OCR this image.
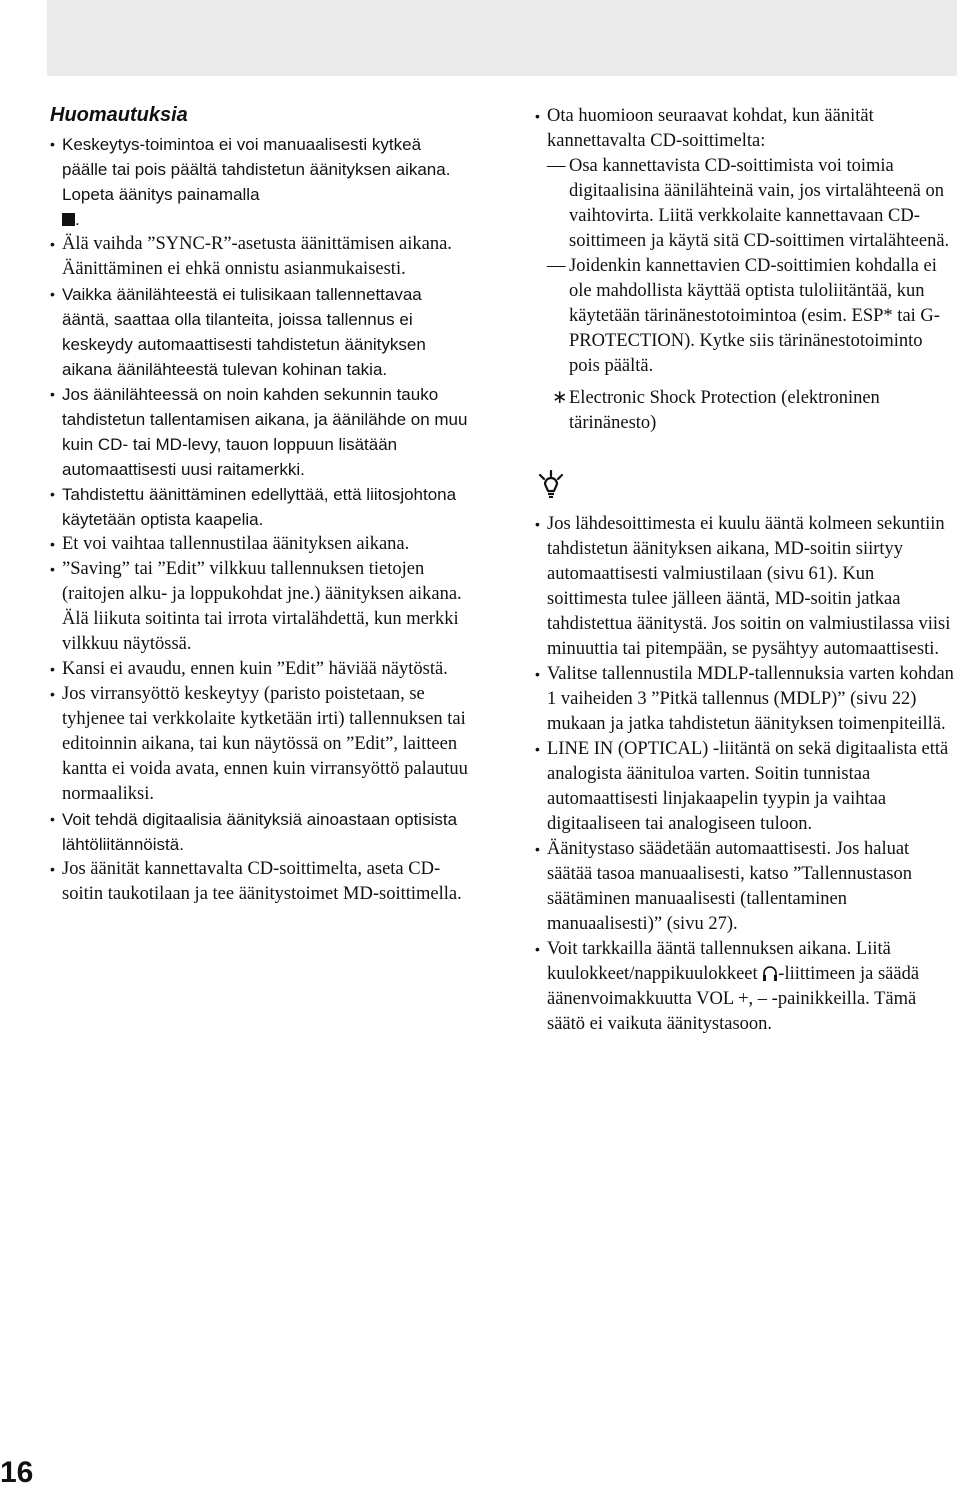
Huomautuksia
• Keskeytys-toimintoa ei voi manuaalisesti kytkeä päälle tai pois päältä tahdistetun äänityksen aikana. Lopeta äänitys painamalla
.
• Älä vaihda ”SYNC-R”-asetusta äänittämisen aikana. Äänittäminen ei ehkä onnistu asianmukaisesti.
• Vaikka äänilähteestä ei tulisikaan tallennettavaa ääntä, saattaa olla tilanteita, joissa tallennus ei keskeydy automaattisesti tahdistetun äänityksen aikana äänilähteestä tulevan kohinan takia.
• Jos äänilähteessä on noin kahden sekunnin tauko tahdistetun tallentamisen aikana, ja äänilähde on muu kuin CD- tai MD-levy, tauon loppuun lisätään automaattisesti uusi raitamerkki.
• Tahdistettu äänittäminen edellyttää, että liitosjohtona käytetään optista kaapelia.
• Et voi vaihtaa tallennustilaa äänityksen aikana.
• ”Saving” tai ”Edit” vilkkuu tallennuksen tietojen (raitojen alku- ja loppukohdat jne.) äänityksen aikana. Älä liikuta soitinta tai irrota virtalähdettä, kun merkki vilkkuu näytössä.
• Kansi ei avaudu, ennen kuin ”Edit” häviää näytöstä.
• Jos virransyöttö keskeytyy (paristo poistetaan, se tyhjenee tai verkkolaite kytketään irti) tallennuksen tai editoinnin aikana, tai kun näytössä on ”Edit”, laitteen kantta ei voida avata, ennen kuin virransyöttö palautuu normaaliksi.
• Voit tehdä digitaalisia äänityksiä ainoastaan optisista lähtöliitännöistä.
• Jos äänität kannettavalta CD-soittimelta, aseta CD-soitin taukotilaan ja tee äänitystoimet MD-soittimella.
• Ota huomioon seuraavat kohdat, kun äänität kannettavalta CD-soittimelta:
— Osa kannettavista CD-soittimista voi toimia digitaalisina äänilähteinä vain, jos virtalähteenä on vaihtovirta. Liitä verkkolaite kannettavaan CD-soittimeen ja käytä sitä CD-soittimen virtalähteenä.
— Joidenkin kannettavien CD-soittimien kohdalla ei ole mahdollista käyttää optista tuloliitäntää, kun käytetään tärinänestotoimintoa (esim. ESP* tai G-PROTECTION). Kytke siis tärinänestotoiminto pois päältä.
∗ Electronic Shock Protection (elektroninen tärinänesto)
• Jos lähdesoittimesta ei kuulu ääntä kolmeen sekuntiin tahdistetun äänityksen aikana, MD-soitin siirtyy automaattisesti valmiustilaan (sivu 61). Kun soittimesta tulee jälleen ääntä, MD-soitin jatkaa tahdistettua äänitystä. Jos soitin on valmiustilassa viisi minuuttia tai pitempään, se pysähtyy automaattisesti.
• Valitse tallennustila MDLP-tallennuksia varten kohdan 1 vaiheiden 3 ”Pitkä tallennus (MDLP)” (sivu 22) mukaan ja jatka tahdistetun äänityksen toimenpiteillä.
• LINE IN (OPTICAL) -liitäntä on sekä digitaalista että analogista äänituloa varten. Soitin tunnistaa automaattisesti linjakaapelin tyypin ja vaihtaa digitaaliseen tai analogiseen tuloon.
• Äänitystaso säädetään automaattisesti. Jos haluat säätää tasoa manuaalisesti, katso ”Tallennustason säätäminen manuaalisesti (tallentaminen manuaalisesti)” (sivu 27).
• Voit tarkkailla ääntä tallennuksen aikana. Liitä kuulokkeet/nappikuulokkeet -liittimeen ja säädä äänenvoimakkuutta VOL +, – -painikkeilla. Tämä säätö ei vaikuta äänitystasoon.
16
